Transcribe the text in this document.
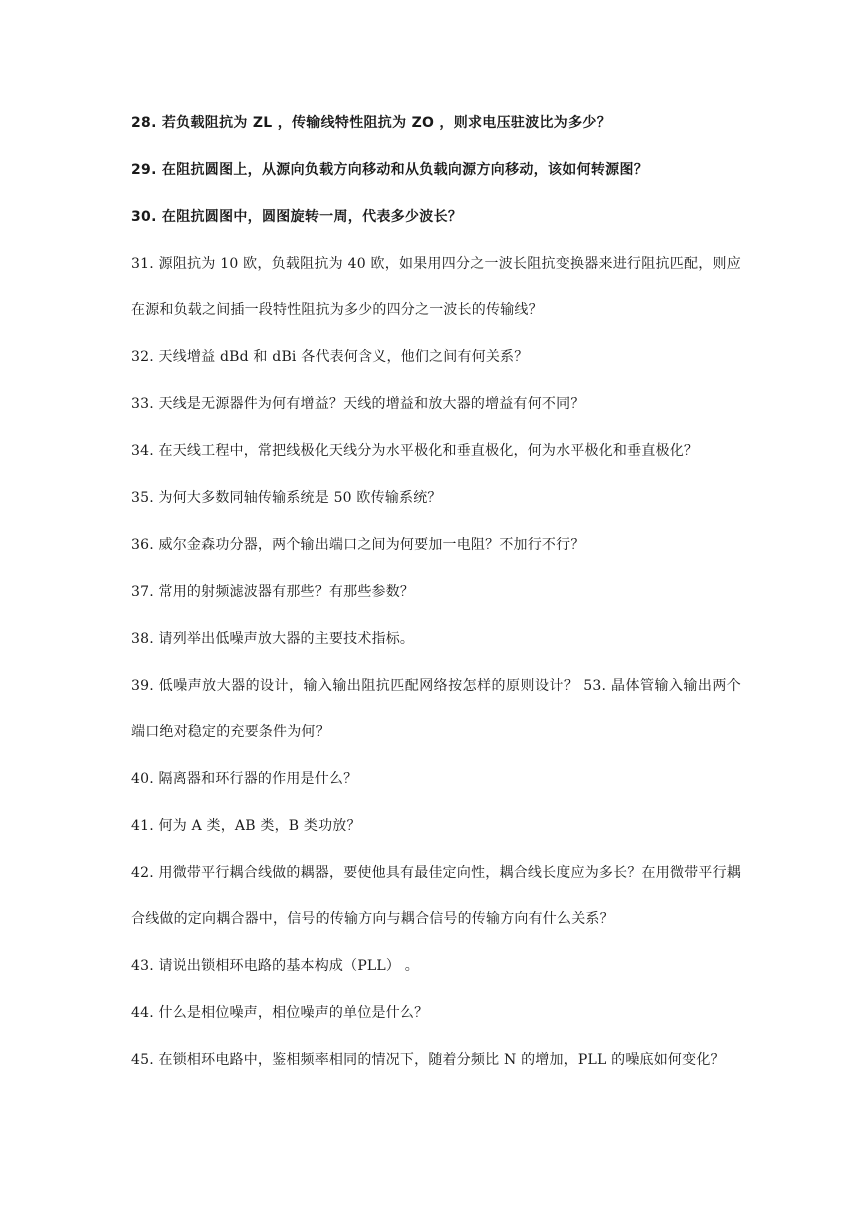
28. 若负载阻抗为 ZL ，传输线特性阻抗为 ZO ，则求电压驻波比为多少？

29. 在阻抗圆图上，从源向负载方向移动和从负载向源方向移动，该如何转源图？

30. 在阻抗圆图中，圆图旋转一周，代表多少波长？

31. 源阻抗为 10 欧，负载阻抗为 40 欧，如果用四分之一波长阻抗变换器来进行阻抗匹配，则应在源和负载之间插一段特性阻抗为多少的四分之一波长的传输线？

32. 天线增益 dBd 和 dBi 各代表何含义，他们之间有何关系？

33. 天线是无源器件为何有增益？天线的增益和放大器的增益有何不同？

34. 在天线工程中，常把线极化天线分为水平极化和垂直极化，何为水平极化和垂直极化？

35. 为何大多数同轴传输系统是 50 欧传输系统？

36. 威尔金森功分器，两个输出端口之间为何要加一电阻？不加行不行？

37. 常用的射频滤波器有那些？有那些参数？

38. 请列举出低噪声放大器的主要技术指标。

39. 低噪声放大器的设计，输入输出阻抗匹配网络按怎样的原则设计？ 53. 晶体管输入输出两个端口绝对稳定的充要条件为何？

40. 隔离器和环行器的作用是什么？

41. 何为 A 类，AB 类，B 类功放？

42. 用微带平行耦合线做的耦器，要使他具有最佳定向性，耦合线长度应为多长？在用微带平行耦合线做的定向耦合器中，信号的传输方向与耦合信号的传输方向有什么关系？

43. 请说出锁相环电路的基本构成（PLL） 。

44. 什么是相位噪声，相位噪声的单位是什么？

45. 在锁相环电路中，鉴相频率相同的情况下，随着分频比 N 的增加，PLL 的噪底如何变化？
